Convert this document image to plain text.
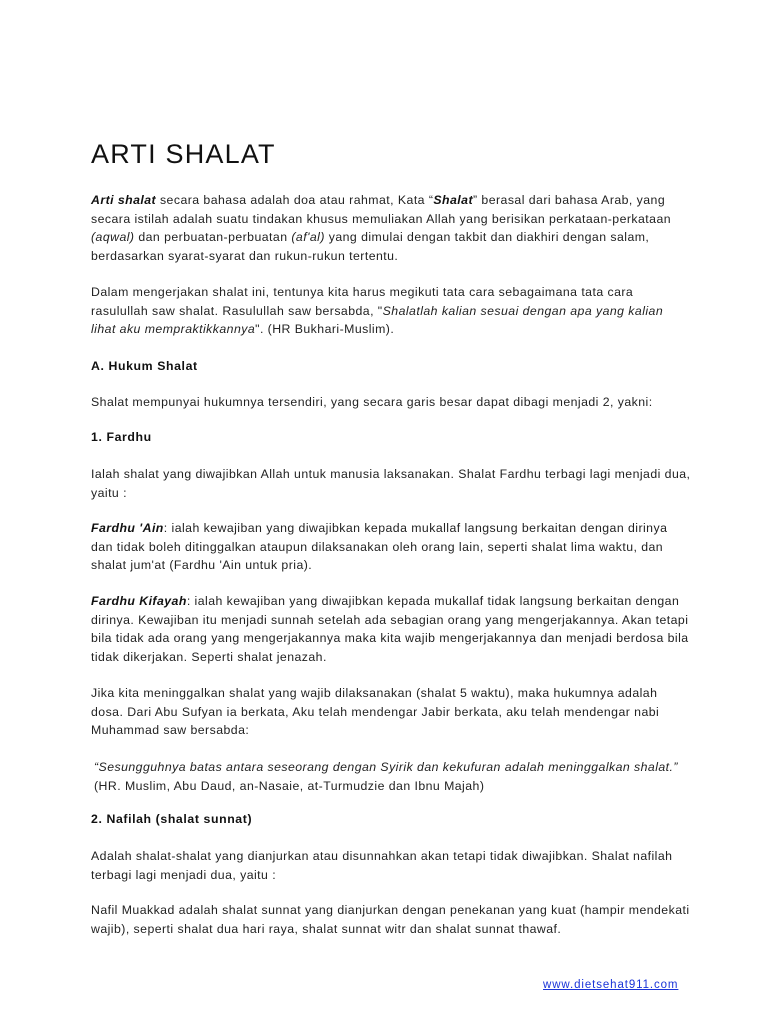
ARTI SHALAT

Arti shalat secara bahasa adalah doa atau rahmat, Kata “Shalat” berasal dari bahasa Arab, yang secara istilah adalah suatu tindakan khusus memuliakan Allah yang berisikan perkataan-perkataan (aqwal) dan perbuatan-perbuatan (af'al) yang dimulai dengan takbit dan diakhiri dengan salam, berdasarkan syarat-syarat dan rukun-rukun tertentu.

Dalam mengerjakan shalat ini, tentunya kita harus megikuti tata cara sebagaimana tata cara rasulullah saw shalat. Rasulullah saw bersabda, "Shalatlah kalian sesuai dengan apa yang kalian lihat aku mempraktikkannya". (HR Bukhari-Muslim).

A. Hukum Shalat

Shalat mempunyai hukumnya tersendiri, yang secara garis besar dapat dibagi menjadi 2, yakni:

1. Fardhu

Ialah shalat yang diwajibkan Allah untuk manusia laksanakan. Shalat Fardhu terbagi lagi menjadi dua, yaitu :

Fardhu 'Ain: ialah kewajiban yang diwajibkan kepada mukallaf langsung berkaitan dengan dirinya dan tidak boleh ditinggalkan ataupun dilaksanakan oleh orang lain, seperti shalat lima waktu, dan shalat jum'at (Fardhu 'Ain untuk pria).

Fardhu Kifayah: ialah kewajiban yang diwajibkan kepada mukallaf tidak langsung berkaitan dengan dirinya. Kewajiban itu menjadi sunnah setelah ada sebagian orang yang mengerjakannya. Akan tetapi bila tidak ada orang yang mengerjakannya maka kita wajib mengerjakannya dan menjadi berdosa bila tidak dikerjakan. Seperti shalat jenazah.

Jika kita meninggalkan shalat yang wajib dilaksanakan (shalat 5 waktu), maka hukumnya adalah dosa. Dari Abu Sufyan ia berkata, Aku telah mendengar Jabir berkata, aku telah mendengar nabi Muhammad saw bersabda:

“Sesungguhnya batas antara seseorang dengan Syirik dan kekufuran adalah meninggalkan shalat.” (HR. Muslim, Abu Daud, an-Nasaie, at-Turmudzie dan Ibnu Majah)

2. Nafilah (shalat sunnat)

Adalah shalat-shalat yang dianjurkan atau disunnahkan akan tetapi tidak diwajibkan. Shalat nafilah terbagi lagi menjadi dua, yaitu :

Nafil Muakkad adalah shalat sunnat yang dianjurkan dengan penekanan yang kuat (hampir mendekati wajib), seperti shalat dua hari raya, shalat sunnat witr dan shalat sunnat thawaf.

www.dietsehat911.com
